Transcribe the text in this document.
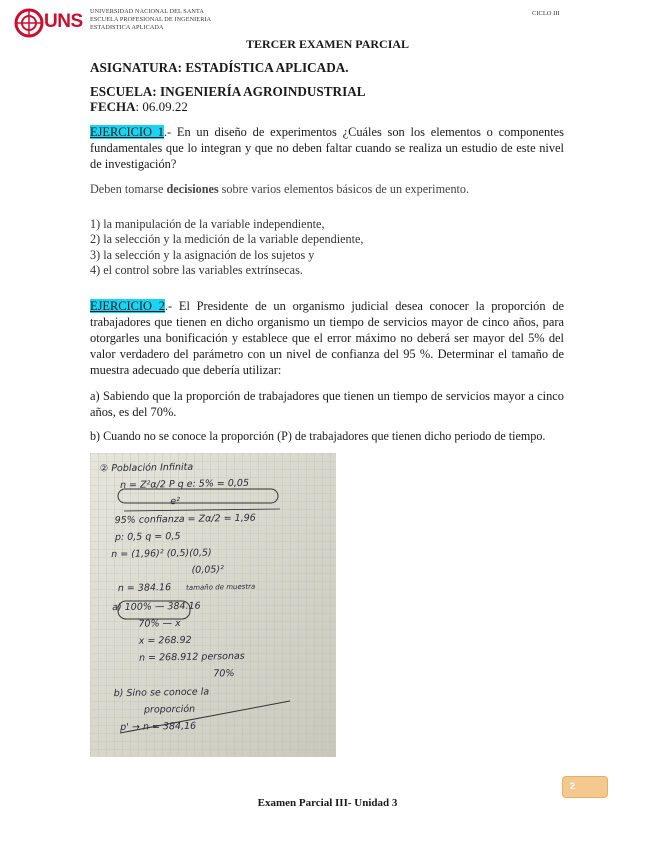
UNS UNIVERSIDAD NACIONAL DEL SANTA
ESCUELA PROFESIONAL DE INGENIERIA
ESTADISTICA APLICADA
CICLO III
TERCER EXAMEN PARCIAL
ASIGNATURA: ESTADÍSTICA APLICADA.
ESCUELA: INGENIERÍA AGROINDUSTRIAL
FECHA: 06.09.22
EJERCICIO 1.- En un diseño de experimentos ¿Cuáles son los elementos o componentes fundamentales que lo integran y que no deben faltar cuando se realiza un estudio de este nivel de investigación?
Deben tomarse decisiones sobre varios elementos básicos de un experimento.
1) la manipulación de la variable independiente,
2) la selección y la medición de la variable dependiente,
3) la selección y la asignación de los sujetos y
4) el control sobre las variables extrínsecas.
EJERCICIO 2.- El Presidente de un organismo judicial desea conocer la proporción de trabajadores que tienen en dicho organismo un tiempo de servicios mayor de cinco años, para otorgarles una bonificación y establece que el error máximo no deberá ser mayor del 5% del valor verdadero del parámetro con un nivel de confianza del 95 %. Determinar el tamaño de muestra adecuado que debería utilizar:
a) Sabiendo que la proporción de trabajadores que tienen un tiempo de servicios mayor a cinco años, es del 70%.
b) Cuando no se conoce la proporción (P) de trabajadores que tienen dicho periodo de tiempo.
② Población Infinita
n = Z²α/2 P q e: 5% = 0,05
e²
95% confianza = Zα/2 = 1,96
p: 0,5 q = 0,5
n = (1,96)² (0,5)(0,5)
(0,05)²
n = 384.16 tamaño de muestra
a) 100% — 384.16
70% — x
x = 268.92
n = 268.912 personas
70%
b) Sino se conoce la
proporción
p' → n = 384,16
2
Examen Parcial III- Unidad 3
